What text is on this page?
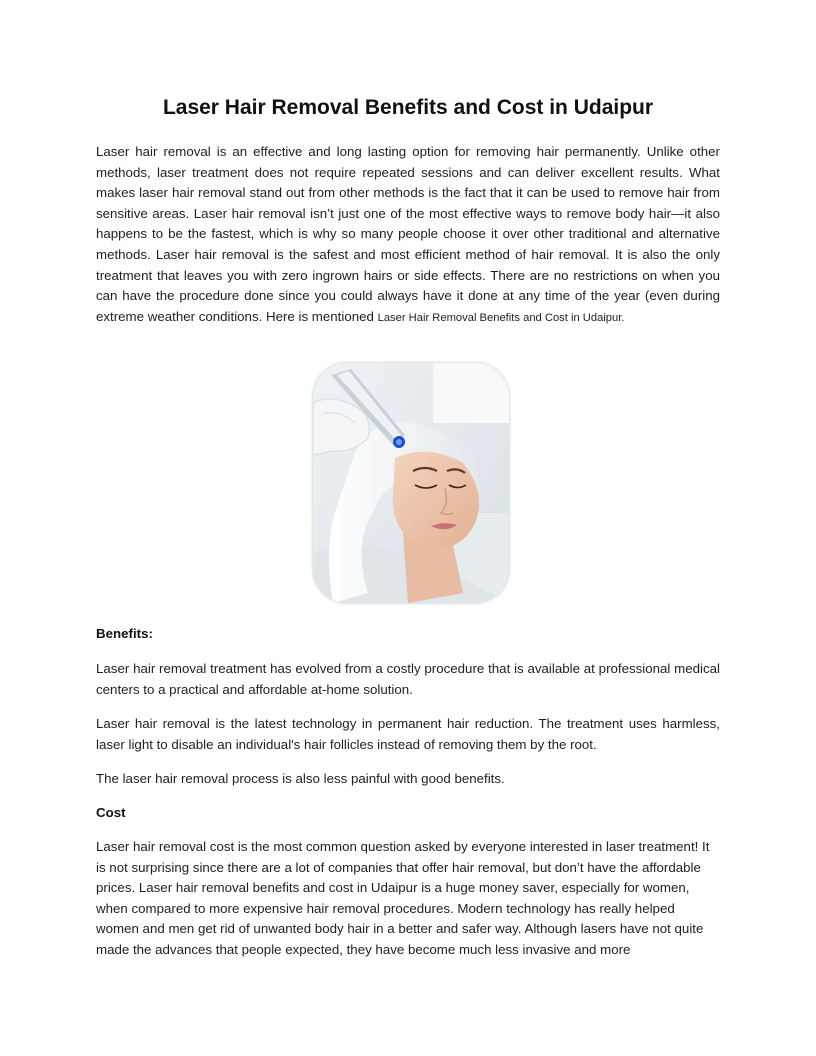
Laser Hair Removal Benefits and Cost in Udaipur

Laser hair removal is an effective and long lasting option for removing hair permanently. Unlike other methods, laser treatment does not require repeated sessions and can deliver excellent results. What makes laser hair removal stand out from other methods is the fact that it can be used to remove hair from sensitive areas. Laser hair removal isn’t just one of the most effective ways to remove body hair—it also happens to be the fastest, which is why so many people choose it over other traditional and alternative methods. Laser hair removal is the safest and most efficient method of hair removal. It is also the only treatment that leaves you with zero ingrown hairs or side effects. There are no restrictions on when you can have the procedure done since you could always have it done at any time of the year (even during extreme weather conditions. Here is mentioned Laser Hair Removal Benefits and Cost in Udaipur.

Benefits:

Laser hair removal treatment has evolved from a costly procedure that is available at professional medical centers to a practical and affordable at-home solution.

Laser hair removal is the latest technology in permanent hair reduction. The treatment uses harmless, laser light to disable an individual's hair follicles instead of removing them by the root.

The laser hair removal process is also less painful with good benefits.

Cost

Laser hair removal cost is the most common question asked by everyone interested in laser treatment! It is not surprising since there are a lot of companies that offer hair removal, but don’t have the affordable prices. Laser hair removal benefits and cost in Udaipur is a huge money saver, especially for women, when compared to more expensive hair removal procedures. Modern technology has really helped women and men get rid of unwanted body hair in a better and safer way. Although lasers have not quite made the advances that people expected, they have become much less invasive and more
